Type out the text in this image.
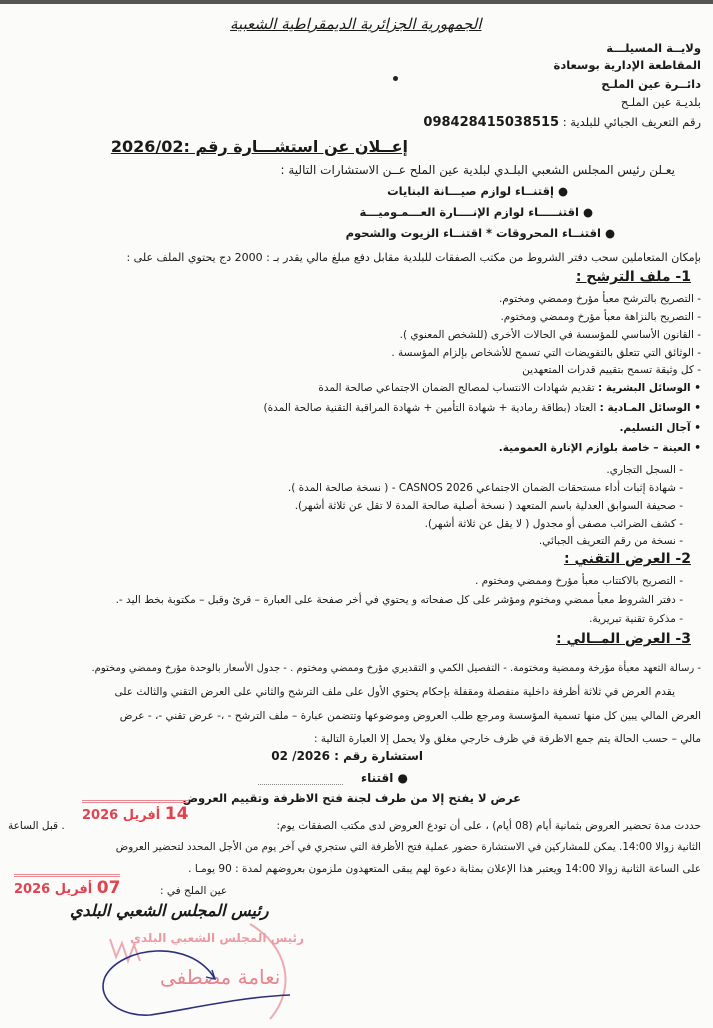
الجمهورية الجزائرية الديمقراطية الشعبية
ولايــة المسيلـــة
المقاطعة الإدارية بوسعادة
دائــرة عين الملـح
بلديـة عين الملـح
رقم التعريف الجبائي للبلدية : 098428415038515
إعــلان عن استشـــارة رقم :2026/02
يعـلن رئيس المجلس الشعبي البلـدي لبلدية عين الملح عــن الاستشارات التالية :
● إقتنــاء لوازم صيـــانة البنايات
● اقتنـــــاء لوازم الإنــــارة العـــمـوميـــة
● اقتنــاء المحروقات * اقتنــاء الزيوت والشحوم
بإمكان المتعاملين سحب دفتر الشروط من مكتب الصفقات للبلدية مقابل دفع مبلغ مالي يقدر بـ : 2000 دج يحتوي الملف على :
1- ملف الترشح :
- التصريح بالترشح معبأ مؤرخ وممضي ومختوم.
- التصريح بالنزاهة معبأ مؤرخ وممضي ومختوم.
- القانون الأساسي للمؤسسة في الحالات الأخرى (للشخص المعنوي ).
- الوثائق التي تتعلق بالتفويضات التي تسمح للأشخاص بإلزام المؤسسة .
- كل وثيقة تسمح بتقييم قدرات المتعهدين
• الوسائل البشرية : تقديم شهادات الانتساب لمصالح الضمان الاجتماعي صالحة المدة
• الوسائل المـادية : العتاد (بطاقة رمادية + شهادة التأمين + شهادة المراقبة التقنية صالحة المدة)
• آجال التسليم.
• العينة – خاصة بلوازم الإنارة العمومية.
- السجل التجاري.
- شهادة إثبات أداء مستحقات الضمان الاجتماعي CASNOS 2026 - ( نسخة صالحة المدة ).
- صحيفة السوابق العدلية باسم المتعهد ( نسخة أصلية صالحة المدة لا تقل عن ثلاثة أشهر).
- كشف الضرائب مصفى أو مجدول ( لا يقل عن ثلاثة أشهر).
- نسخة من رقم التعريف الجبائي.
2- العرض التقني :
- التصريح بالاكتتاب معبأ مؤرخ وممضي ومختوم .
- دفتر الشروط معبأ ممضي ومختوم ومؤشر على كل صفحاته و يحتوي في أخر صفحة على العبارة – قرئ وقبل – مكتوبة بخط اليد -.
- مذكرة تقنية تبريرية.
3- العرض المــالي :
- رسالة التعهد معبأة مؤرخة وممضية ومختومة. - التفصيل الكمي و التقديري مؤرخ وممضي ومختوم . - جدول الأسعار بالوحدة مؤرخ وممضي ومختوم.
يقدم العرض في ثلاثة أظرفة داخلية منفصلة ومقفلة بإحكام يحتوي الأول على ملف الترشح والثاني على العرض التقني والثالث على
العرض المالي يبين كل منها تسمية المؤسسة ومرجع طلب العروض وموضوعها وتتضمن عبارة – ملف الترشح - ،- عرض تقني -، - عرض
مالي – حسب الحالة يتم جمع الاظرفة في ظرف خارجي مغلق ولا يحمل إلا العبارة التالية :
استشارة رقم : 2026/ 02
● اقتناء
عرض لا يفتح إلا من طرف لجنة فتح الاظرفة وتقييم العروض
حددت مدة تحضير العروض بثمانية أيام (08 أيام) ، على أن تودع العروض لدى مكتب الصفقات يوم:
14 أفريل 2026
. قبل الساعة
الثانية زوالا 14:00. يمكن للمشاركين في الاستشارة حضور عملية فتح الأظرفة التي ستجري في آخر يوم من الأجل المحدد لتحضير العروض
على الساعة الثانية زوالا 14:00 ويعتبر هذا الإعلان بمثابة دعوة لهم يبقى المتعهدون ملزمون بعروضهم لمدة : 90 يومـا .
07 أفريل 2026	عين الملح في :
رئيس المجلس الشعبي البلدي
رئيس المجلس الشعبي البلدي
نعامة مصطفى
